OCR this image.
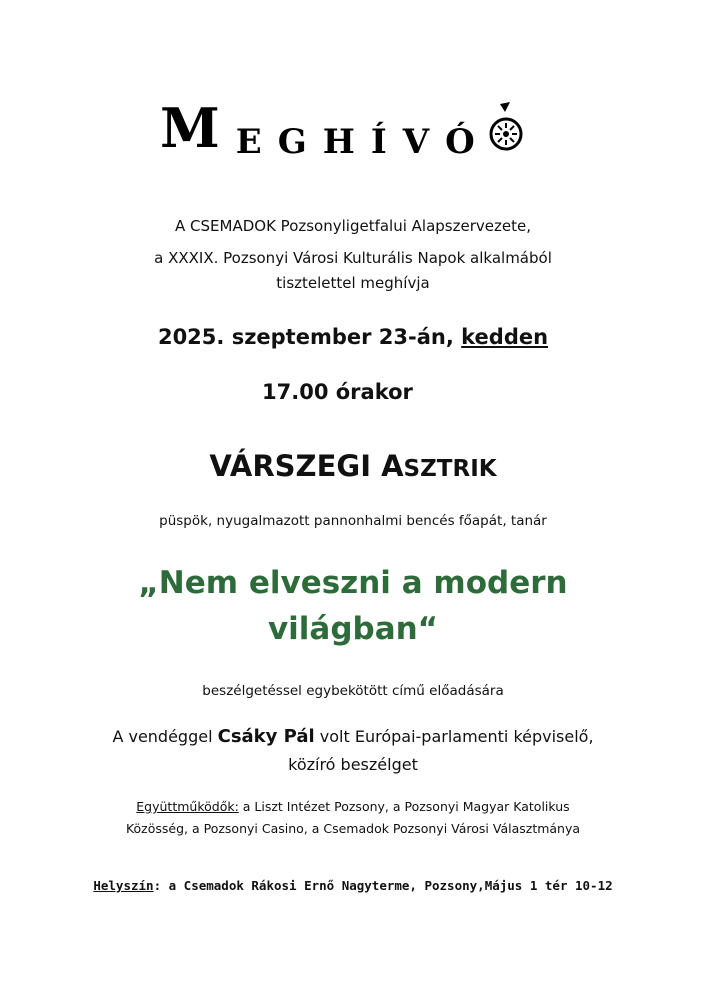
M E G H Í V Ó
A CSEMADOK Pozsonyligetfalui Alapszervezete,
a XXXIX. Pozsonyi Városi Kulturális Napok alkalmából
tisztelettel meghívja
2025. szeptember 23-án, kedden
17.00 órakor
VÁRSZEGI ASZTRIK
püspök, nyugalmazott pannonhalmi bencés főapát, tanár
„Nem elveszni a modern
világban“
beszélgetéssel egybekötött című előadására
A vendéggel Csáky Pál volt Európai-parlamenti képviselő,
közíró beszélget
Együttműködők: a Liszt Intézet Pozsony, a Pozsonyi Magyar Katolikus
Közösség, a Pozsonyi Casino, a Csemadok Pozsonyi Városi Választmánya
Helyszín: a Csemadok Rákosi Ernő Nagyterme, Pozsony,Május 1 tér 10-12
